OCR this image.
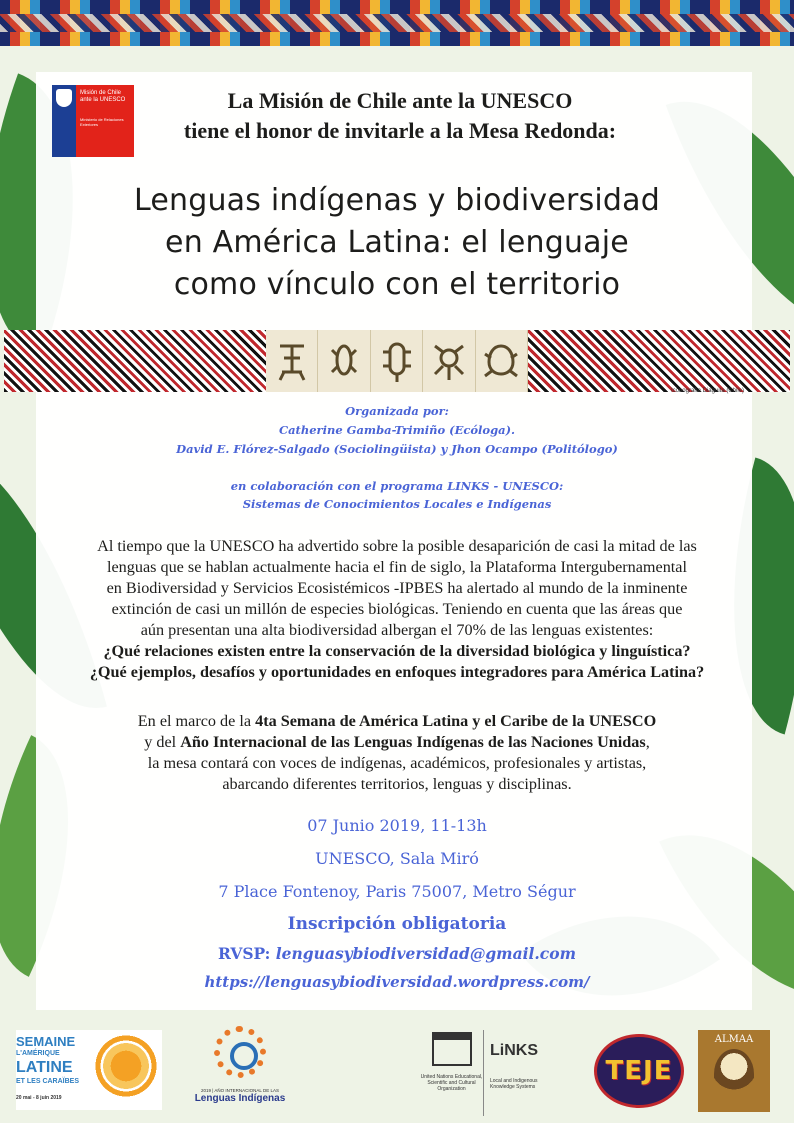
Misión de Chile ante la UNESCO
Ministerio de Relaciones Exteriores
La Misión de Chile ante la UNESCO
tiene el honor de invitarle a la Mesa Redonda:
Lenguas indígenas y biodiversidad
en América Latina: el lenguaje
como vínculo con el territorio
Iconografía Diaguita (Chile)
Organizada por:
Catherine Gamba-Trimiño (Ecóloga).
David E. Flórez-Salgado (Sociolingüista) y Jhon Ocampo (Politólogo)
en colaboración con el programa LINKS - UNESCO:
Sistemas de Conocimientos Locales e Indígenas
Al tiempo que la UNESCO ha advertido sobre la posible desaparición de casi la mitad de las
lenguas que se hablan actualmente hacia el fin de siglo, la Plataforma Intergubernamental
en Biodiversidad y Servicios Ecosistémicos -IPBES ha alertado al mundo de la inminente
extinción de casi un millón de especies biológicas. Teniendo en cuenta que las áreas que
aún presentan una alta biodiversidad albergan el 70% de las lenguas existentes:
¿Qué relaciones existen entre la conservación de la diversidad biológica y linguística?
¿Qué ejemplos, desafíos y oportunidades en enfoques integradores para América Latina?
En el marco de la 4ta Semana de América Latina y el Caribe de la UNESCO
y del Año Internacional de las Lenguas Indígenas de las Naciones Unidas,
la mesa contará con voces de indígenas, académicos, profesionales y artistas,
abarcando diferentes territorios, lenguas y disciplinas.
07 Junio 2019, 11-13h
UNESCO, Sala Miró
7 Place Fontenoy, Paris 75007, Metro Ségur
Inscripción obligatoria
RVSP: lenguasybiodiversidad@gmail.com
https://lenguasybiodiversidad.wordpress.com/
SEMAINE
L'AMÉRIQUE
LATINE
ET LES CARAÏBES
20 mai - 8 juin 2019
2019 | AÑO INTERNACIONAL DE LAS
Lenguas Indígenas
United Nations Educational, Scientific and Cultural Organization
LiNKS
Local and Indigenous Knowledge Systems
TEJE
ALMAA
